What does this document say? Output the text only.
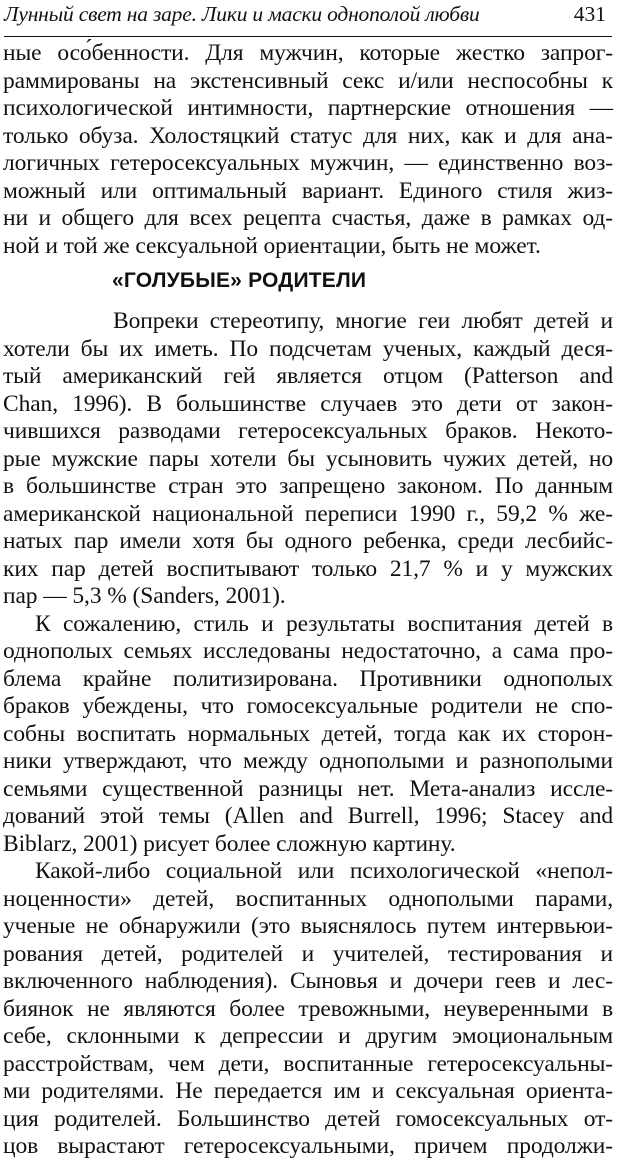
Лунный свет на заре. Лики и маски однополой любви	431
ные осо́бенности. Для мужчин, которые жестко запрог-
раммированы на экстенсивный секс и/или неспособны к
психологической интимности, партнерские отношения —
только обуза. Холостяцкий статус для них, как и для ана-
логичных гетеросексуальных мужчин, — единственно воз-
можный или оптимальный вариант. Единого стиля жиз-
ни и общего для всех рецепта счастья, даже в рамках од-
ной и той же сексуальной ориентации, быть не может.
«ГОЛУБЫЕ» РОДИТЕЛИ
Вопреки стереотипу, многие геи любят детей и
хотели бы их иметь. По подсчетам ученых, каждый деся-
тый американский гей является отцом (Patterson and
Chan, 1996). В большинстве случаев это дети от закон-
чившихся разводами гетеросексуальных браков. Некото-
рые мужские пары хотели бы усыновить чужих детей, но
в большинстве стран это запрещено законом. По данным
американской национальной переписи 1990 г., 59,2 % же-
натых пар имели хотя бы одного ребенка, среди лесбийс-
ких пар детей воспитывают только 21,7 % и у мужских
пар — 5,3 % (Sanders, 2001).
К сожалению, стиль и результаты воспитания детей в
однополых семьях исследованы недостаточно, а сама про-
блема крайне политизирована. Противники однополых
браков убеждены, что гомосексуальные родители не спо-
собны воспитать нормальных детей, тогда как их сторон-
ники утверждают, что между однополыми и разнополыми
семьями существенной разницы нет. Мета-анализ иссле-
дований этой темы (Allen and Burrell, 1996; Stacey and
Biblarz, 2001) рисует более сложную картину.
Какой-либо социальной или психологической «непол-
ноценности» детей, воспитанных однополыми парами,
ученые не обнаружили (это выяснялось путем интервьюи-
рования детей, родителей и учителей, тестирования и
включенного наблюдения). Сыновья и дочери геев и лес-
биянок не являются более тревожными, неуверенными в
себе, склонными к депрессии и другим эмоциональным
расстройствам, чем дети, воспитанные гетеросексуальны-
ми родителями. Не передается им и сексуальная ориента-
ция родителей. Большинство детей гомосексуальных от-
цов вырастают гетеросексуальными, причем продолжи-
